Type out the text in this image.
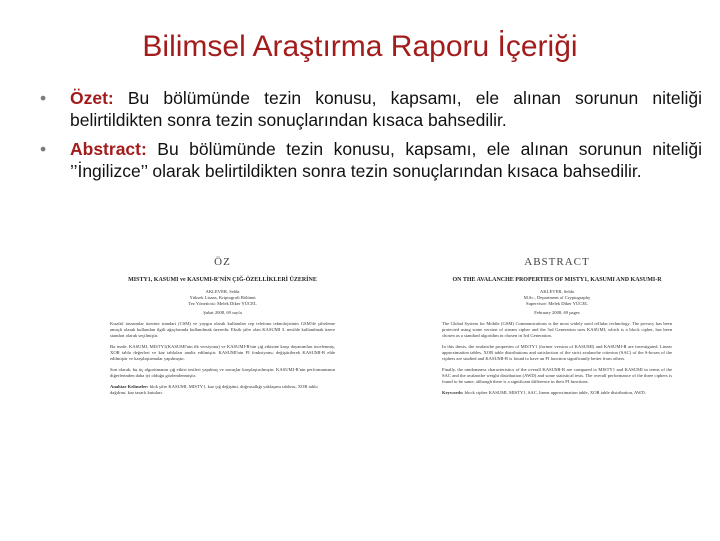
Bilimsel Araştırma Raporu İçeriği
• Özet: Bu bölümünde tezin konusu, kapsamı, ele alınan sorunun niteliği belirtildikten sonra tezin sonuçlarından kısaca bahsedilir.
• Abstract: Bu bölümünde tezin konusu, kapsamı, ele alınan sorunun niteliği ’’İngilizce’’ olarak belirtildikten sonra tezin sonuçlarından kısaca bahsedilir.
ÖZ
MISTY1, KASUMI ve KASUMI-R'NİN ÇIĞ-ÖZELLİKLERİ ÜZERİNE
AKLEVER, Selda
Yüksek Lisans, Kriptografi Bölümü
Tez Yöneticisi: Melek Diker YÜCEL
Şubat 2008, 69 sayfa
Kısaltıl tasarımlar üzerine standart (CSM) ve yaygın olarak kullanılan cep telefonu teknolojisinin GSM'de şifreleme amaçlı olarak kullanılan ilgili ağaçlarında kullanılmak üzeredir. Eksik şifre olan KASUMI 3. nesilde kullanılmak üzere standart olarak seçilmiştir.
Bu tezde, KASUMI, MISTY1(KASUMI'nin ilk versiyonu) ve KASUMI-R'nin çığ etkisine karşı dayanımları incelenmiş, XOR tablo değerleri ve kaz tabloları analiz edilmiştir. KASUMI'nin FI fonksiyonu, değiştirilerek KASUMI-R elde edilmiştir ve karşılaştırmalar yapılmıştır.
Son olarak, bu üç algoritmanın çığ etkisi testleri yapılmış ve sonuçlar karşılaştırılmıştır. KASUMI-R'nin performansının diğerlerinden daha iyi olduğu gözlemlenmiştir.
Anahtar Kelimeler: blok şifre KASUMI, MISTY1, kaz çığ değişimi, doğrusallığı yaklaşımı tablosu, XOR tablo dağılımı, kaz tasarlı kutuları.
ABSTRACT
ON THE AVALANCHE PROPERTIES OF MISTY1, KASUMI AND KASUMI-R
AKLEVER, Selda
M.Sc., Department of Cryptography
Supervisor: Melek Diker YÜCEL
February 2008, 69 pages
The Global System for Mobile (GSM) Communications is the most widely used cellular technology. The privacy has been protected using some version of stream cipher and the 3rd Generation uses KASUMI, which is a block cipher, has been chosen as a standard algorithm in chosen in 3rd Generation.
In this thesis, the avalanche properties of MISTY1 (former version of KASUMI) and KASUMI-R are investigated. Linear approximation tables, XOR table distributions and satisfaction of the strict avalanche criterion (SAC) of the S-boxes of the ciphers are studied and KASUMI-R is found to have an FI function significantly better from others.
Finally, the randomness characteristics of the overall KASUMI-R are compared to MISTY1 and KASUMI in terms of the SAC and the avalanche weight distribution (AWD) and some statistical tests. The overall performance of the three ciphers is found to be same, although there is a significant difference in their FI functions.
Keywords: block cipher KASUMI, MISTY1, SAC, linear approximation table, XOR table distribution, AWD.
